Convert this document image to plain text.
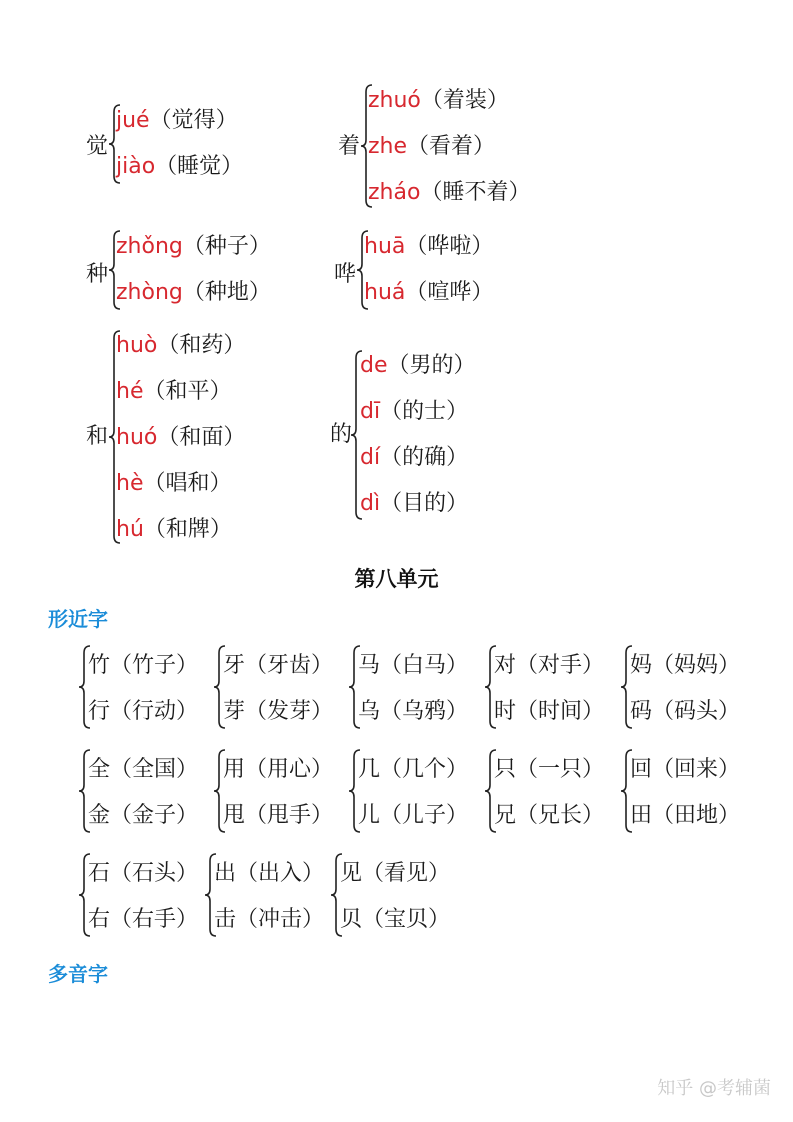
觉
jué（觉得）
jiào（睡觉）
着
zhuó（着装）
zhe（看着）
zháo（睡不着）
种
zhǒng（种子）
zhòng（种地）
哗
huā（哗啦）
huá（喧哗）
和
huò（和药）
hé（和平）
huó（和面）
hè（唱和）
hú（和牌）
的
de（男的）
dī（的士）
dí（的确）
dì（目的）
第八单元
形近字
竹（竹子）
行（行动）
牙（牙齿）
芽（发芽）
马（白马）
乌（乌鸦）
对（对手）
时（时间）
妈（妈妈）
码（码头）
全（全国）
金（金子）
用（用心）
甩（甩手）
几（几个）
儿（儿子）
只（一只）
兄（兄长）
回（回来）
田（田地）
石（石头）
右（右手）
出（出入）
击（冲击）
见（看见）
贝（宝贝）
多音字
知乎 @考辅菌
